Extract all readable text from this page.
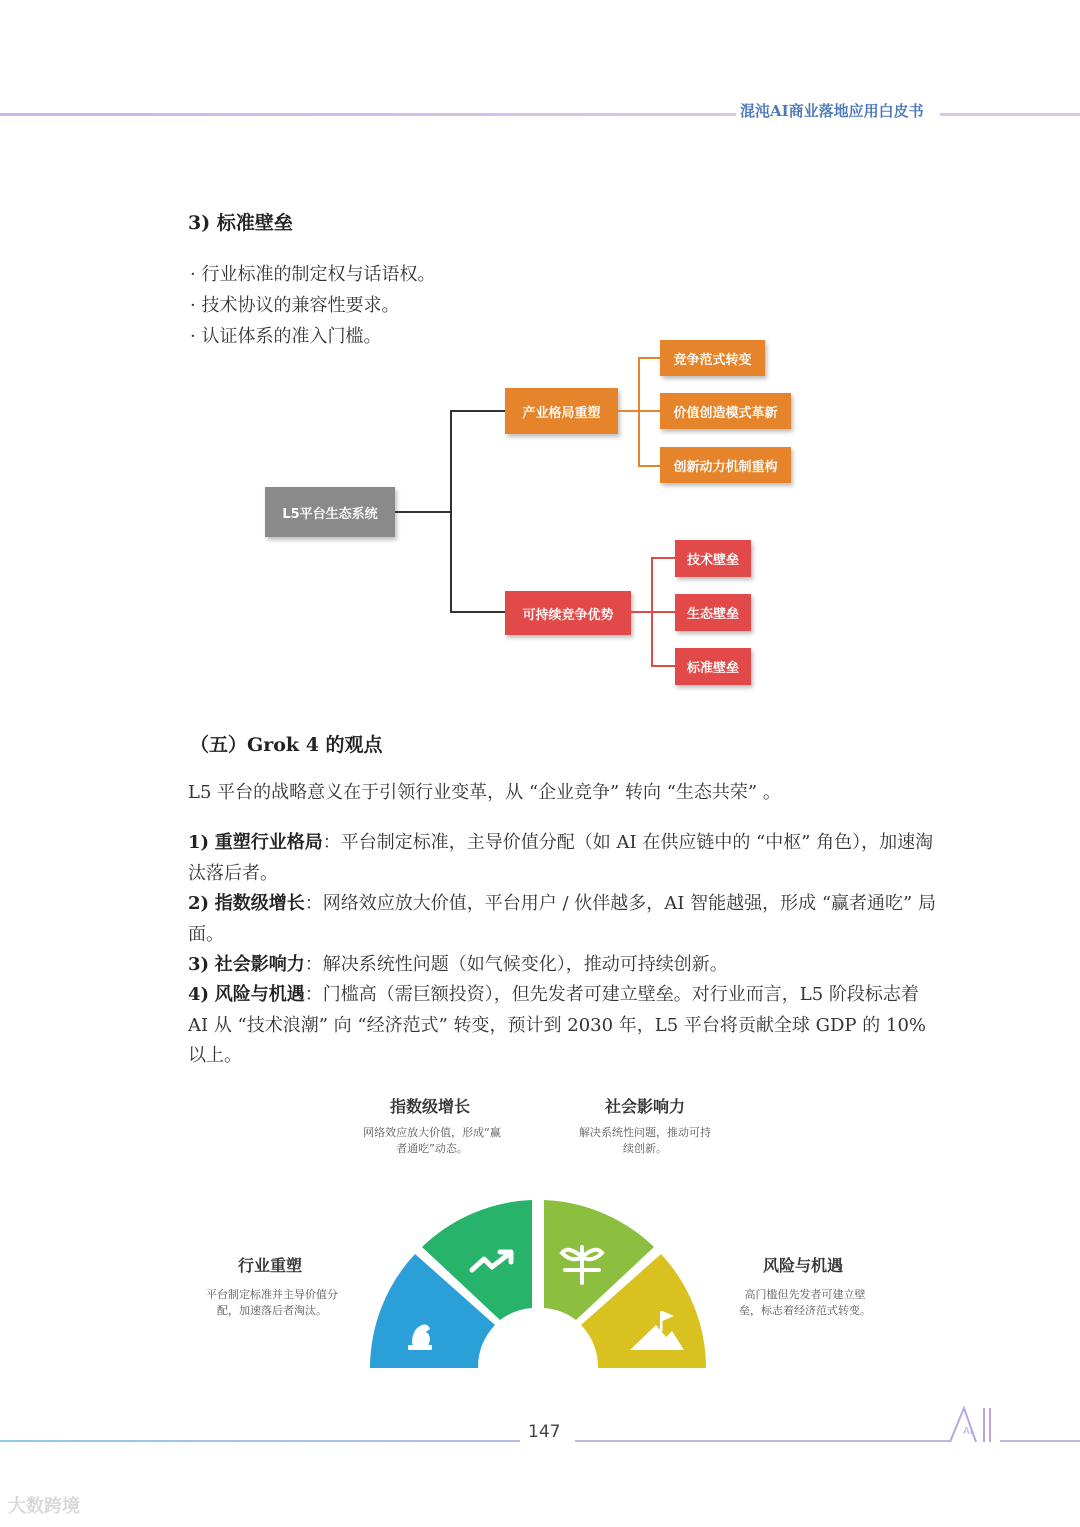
混沌AI商业落地应用白皮书
3) 标准壁垒
· 行业标准的制定权与话语权。
· 技术协议的兼容性要求。
· 认证体系的准入门槛。
L5平台生态系统
产业格局重塑
竞争范式转变
价值创造模式革新
创新动力机制重构
可持续竞争优势
技术壁垒
生态壁垒
标准壁垒
（五）Grok 4 的观点
L5 平台的战略意义在于引领行业变革，从 “企业竞争” 转向 “生态共荣” 。
1) 重塑行业格局：平台制定标准，主导价值分配（如 AI 在供应链中的 “中枢” 角色），加速淘汰落后者。
2) 指数级增长：网络效应放大价值，平台用户 / 伙伴越多，AI 智能越强，形成 “赢者通吃” 局面。
3) 社会影响力：解决系统性问题（如气候变化），推动可持续创新。
4) 风险与机遇：门槛高（需巨额投资），但先发者可建立壁垒。对行业而言，L5 阶段标志着 AI 从 “技术浪潮” 向 “经济范式” 转变，预计到 2030 年，L5 平台将贡献全球 GDP 的 10% 以上。
指数级增长
网络效应放大价值，形成“赢者通吃”动态。
社会影响力
解决系统性问题，推动可持续创新。
行业重塑
平台制定标准并主导价值分配，加速落后者淘汰。
风险与机遇
高门槛但先发者可建立壁垒，标志着经济范式转变。
147	AI
大数跨境
